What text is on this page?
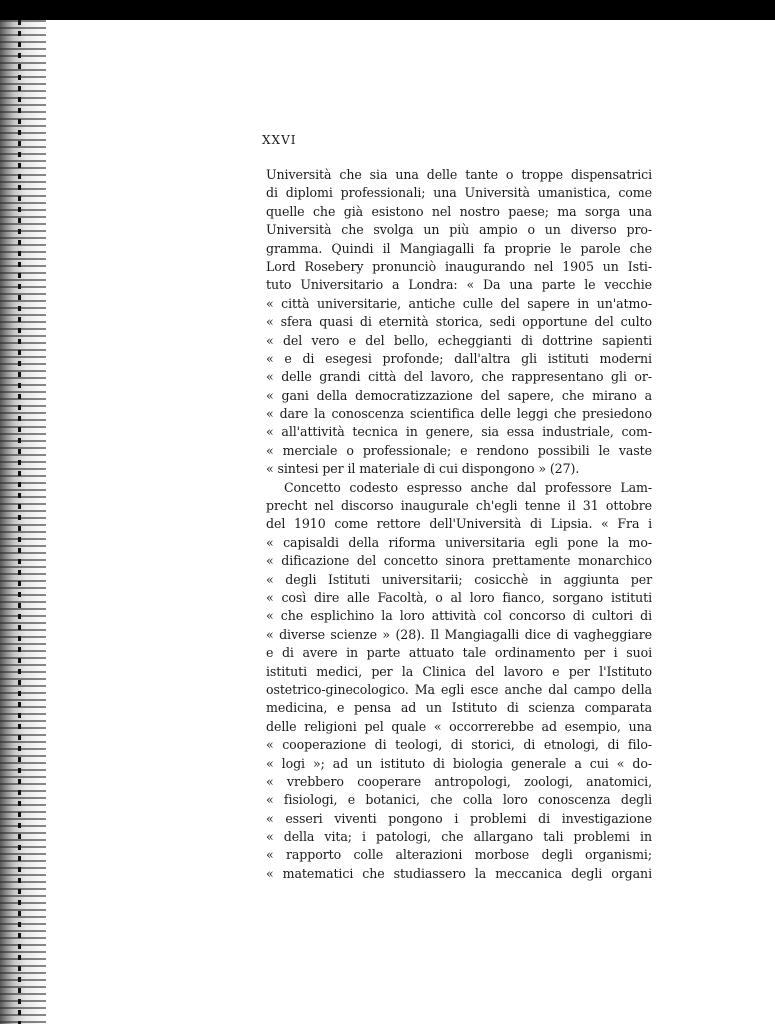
XXVI
Università che sia una delle tante o troppe dispensatrici
di diplomi professionali; una Università umanistica, come
quelle che già esistono nel nostro paese; ma sorga una
Università che svolga un più ampio o un diverso pro-
gramma. Quindi il Mangiagalli fa proprie le parole che
Lord Rosebery pronunciò inaugurando nel 1905 un Isti-
tuto Universitario a Londra: « Da una parte le vecchie
« città universitarie, antiche culle del sapere in un'atmo-
« sfera quasi di eternità storica, sedi opportune del culto
« del vero e del bello, echeggianti di dottrine sapienti
« e di esegesi profonde; dall'altra gli istituti moderni
« delle grandi città del lavoro, che rappresentano gli or-
« gani della democratizzazione del sapere, che mirano a
« dare la conoscenza scientifica delle leggi che presiedono
« all'attività tecnica in genere, sia essa industriale, com-
« merciale o professionale; e rendono possibili le vaste
« sintesi per il materiale di cui dispongono » (27).
Concetto codesto espresso anche dal professore Lam-
precht nel discorso inaugurale ch'egli tenne il 31 ottobre
del 1910 come rettore dell'Università di Lipsia. « Fra i
« capisaldi della riforma universitaria egli pone la mo-
« dificazione del concetto sinora prettamente monarchico
« degli Istituti universitarii; cosicchè in aggiunta per
« così dire alle Facoltà, o al loro fianco, sorgano istituti
« che esplichino la loro attività col concorso di cultori di
« diverse scienze » (28). Il Mangiagalli dice di vagheggiare
e di avere in parte attuato tale ordinamento per i suoi
istituti medici, per la Clinica del lavoro e per l'Istituto
ostetrico-ginecologico. Ma egli esce anche dal campo della
medicina, e pensa ad un Istituto di scienza comparata
delle religioni pel quale « occorrerebbe ad esempio, una
« cooperazione di teologi, di storici, di etnologi, di filo-
« logi »; ad un istituto di biologia generale a cui « do-
« vrebbero cooperare antropologi, zoologi, anatomici,
« fisiologi, e botanici, che colla loro conoscenza degli
« esseri viventi pongono i problemi di investigazione
« della vita; i patologi, che allargano tali problemi in
« rapporto colle alterazioni morbose degli organismi;
« matematici che studiassero la meccanica degli organi
